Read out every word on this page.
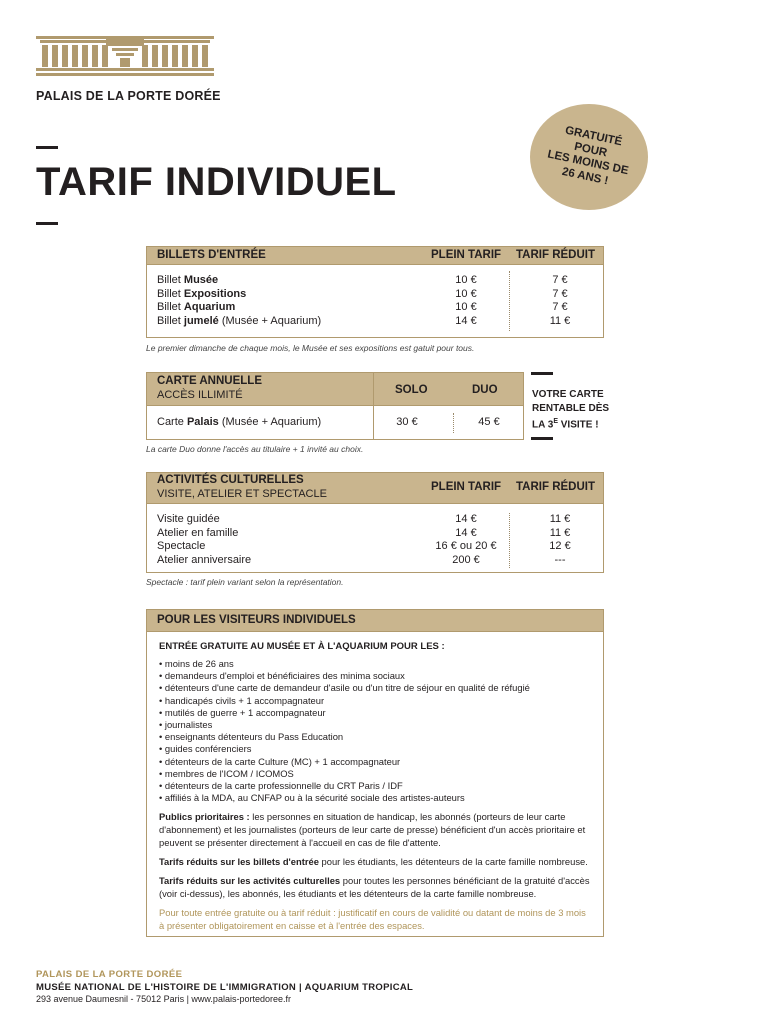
PALAIS DE LA PORTE DORÉE
TARIF INDIVIDUEL
GRATUITÉ
POUR
LES MOINS DE
26 ANS !
BILLETS D'ENTRÉE	PLEIN TARIF TARIF RÉDUIT
Billet Musée	10 €	7 €
Billet Expositions	10 €	7 €
Billet Aquarium	10 €	7 €
Billet jumelé (Musée + Aquarium)	14 €	11 €
Le premier dimanche de chaque mois, le Musée et ses expositions est gatuit pour tous.
CARTE ANNUELLE
ACCÈS ILLIMITÉ	SOLO	DUO
Carte Palais (Musée + Aquarium)	30 €	45 €
La carte Duo donne l'accès au titulaire + 1 invité au choix.
VOTRE CARTE
RENTABLE DÈS
LA $3^E$ VISITE !
ACTIVITÉS CULTURELLES
VISITE, ATELIER ET SPECTACLE
PLEIN TARIF TARIF RÉDUIT
Visite guidée	14 €	11 €
Atelier en famille	14 €	11 €
Spectacle	16 € ou 20 €	12 €
Atelier anniversaire	200 €	---
Spectacle : tarif plein variant selon la représentation.
POUR LES VISITEURS INDIVIDUELS
ENTRÉE GRATUITE AU MUSÉE ET À L'AQUARIUM POUR LES :
• moins de 26 ans
• demandeurs d'emploi et bénéficiaires des minima sociaux
• détenteurs d'une carte de demandeur d'asile ou d'un titre de séjour en qualité de réfugié
• handicapés civils + 1 accompagnateur
• mutilés de guerre + 1 accompagnateur
• journalistes
• enseignants détenteurs du Pass Education
• guides conférenciers
• détenteurs de la carte Culture (MC) + 1 accompagnateur
• membres de l'ICOM / ICOMOS
• détenteurs de la carte professionnelle du CRT Paris / IDF
• affiliés à la MDA, au CNFAP ou à la sécurité sociale des artistes-auteurs
Publics prioritaires : les personnes en situation de handicap, les abonnés (porteurs de leur carte d'abonnement) et les journalistes (porteurs de leur carte de presse) bénéficient d'un accès prioritaire et peuvent se présenter directement à l'accueil en cas de file d'attente.
Tarifs réduits sur les billets d'entrée pour les étudiants, les détenteurs de la carte famille nombreuse.
Tarifs réduits sur les activités culturelles pour toutes les personnes bénéficiant de la gratuité d'accès (voir ci-dessus), les abonnés, les étudiants et les détenteurs de la carte famille nombreuse.
Pour toute entrée gratuite ou à tarif réduit : justificatif en cours de validité ou datant de moins de 3 mois à présenter obligatoirement en caisse et à l'entrée des espaces.
PALAIS DE LA PORTE DORÉE
MUSÉE NATIONAL DE L'HISTOIRE DE L'IMMIGRATION | AQUARIUM TROPICAL
293 avenue Daumesnil - 75012 Paris | www.palais-portedoree.fr
